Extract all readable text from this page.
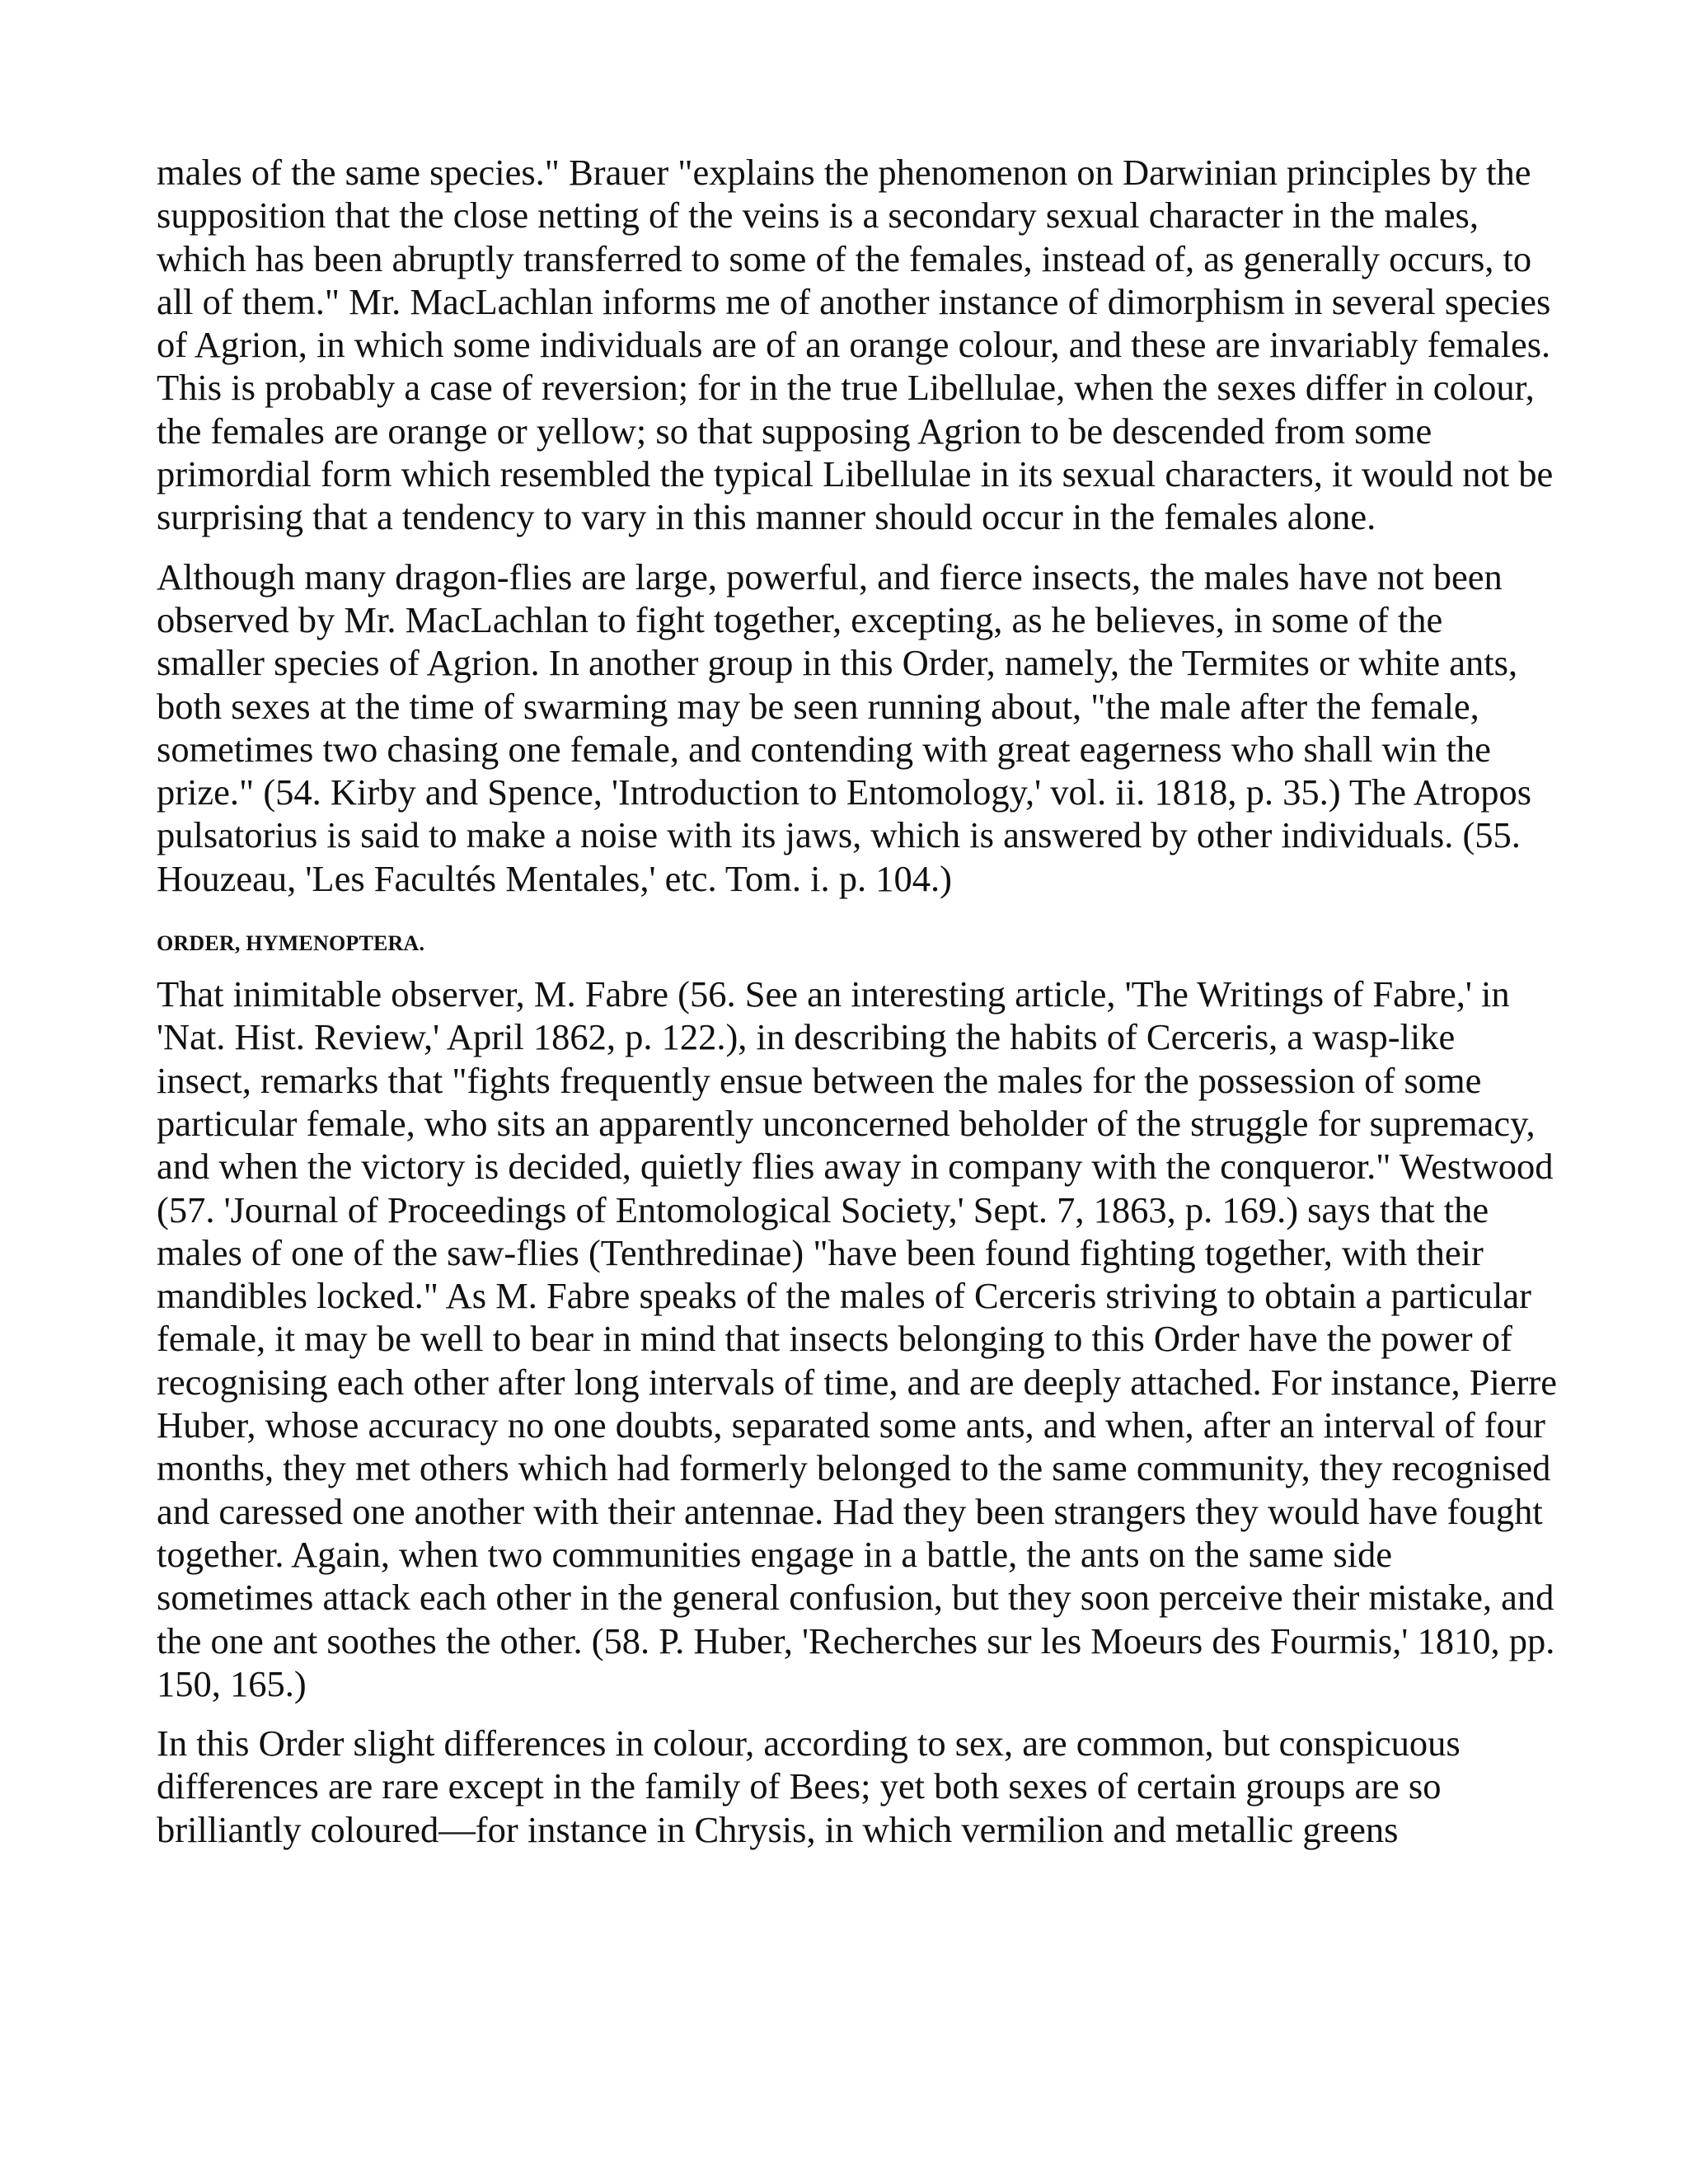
males of the same species." Brauer "explains the phenomenon on Darwinian principles by the supposition that the close netting of the veins is a secondary sexual character in the males, which has been abruptly transferred to some of the females, instead of, as generally occurs, to all of them." Mr. MacLachlan informs me of another instance of dimorphism in several species of Agrion, in which some individuals are of an orange colour, and these are invariably females. This is probably a case of reversion; for in the true Libellulae, when the sexes differ in colour, the females are orange or yellow; so that supposing Agrion to be descended from some primordial form which resembled the typical Libellulae in its sexual characters, it would not be surprising that a tendency to vary in this manner should occur in the females alone.

Although many dragon-flies are large, powerful, and fierce insects, the males have not been observed by Mr. MacLachlan to fight together, excepting, as he believes, in some of the smaller species of Agrion. In another group in this Order, namely, the Termites or white ants, both sexes at the time of swarming may be seen running about, "the male after the female, sometimes two chasing one female, and contending with great eagerness who shall win the prize." (54. Kirby and Spence, 'Introduction to Entomology,' vol. ii. 1818, p. 35.) The Atropos pulsatorius is said to make a noise with its jaws, which is answered by other individuals. (55. Houzeau, 'Les Facultés Mentales,' etc. Tom. i. p. 104.)

ORDER, HYMENOPTERA.

That inimitable observer, M. Fabre (56. See an interesting article, 'The Writings of Fabre,' in 'Nat. Hist. Review,' April 1862, p. 122.), in describing the habits of Cerceris, a wasp-like insect, remarks that "fights frequently ensue between the males for the possession of some particular female, who sits an apparently unconcerned beholder of the struggle for supremacy, and when the victory is decided, quietly flies away in company with the conqueror." Westwood (57. 'Journal of Proceedings of Entomological Society,' Sept. 7, 1863, p. 169.) says that the males of one of the saw-flies (Tenthredinae) "have been found fighting together, with their mandibles locked." As M. Fabre speaks of the males of Cerceris striving to obtain a particular female, it may be well to bear in mind that insects belonging to this Order have the power of recognising each other after long intervals of time, and are deeply attached. For instance, Pierre Huber, whose accuracy no one doubts, separated some ants, and when, after an interval of four months, they met others which had formerly belonged to the same community, they recognised and caressed one another with their antennae. Had they been strangers they would have fought together. Again, when two communities engage in a battle, the ants on the same side sometimes attack each other in the general confusion, but they soon perceive their mistake, and the one ant soothes the other. (58. P. Huber, 'Recherches sur les Moeurs des Fourmis,' 1810, pp. 150, 165.)

In this Order slight differences in colour, according to sex, are common, but conspicuous differences are rare except in the family of Bees; yet both sexes of certain groups are so brilliantly coloured—for instance in Chrysis, in which vermilion and metallic greens
